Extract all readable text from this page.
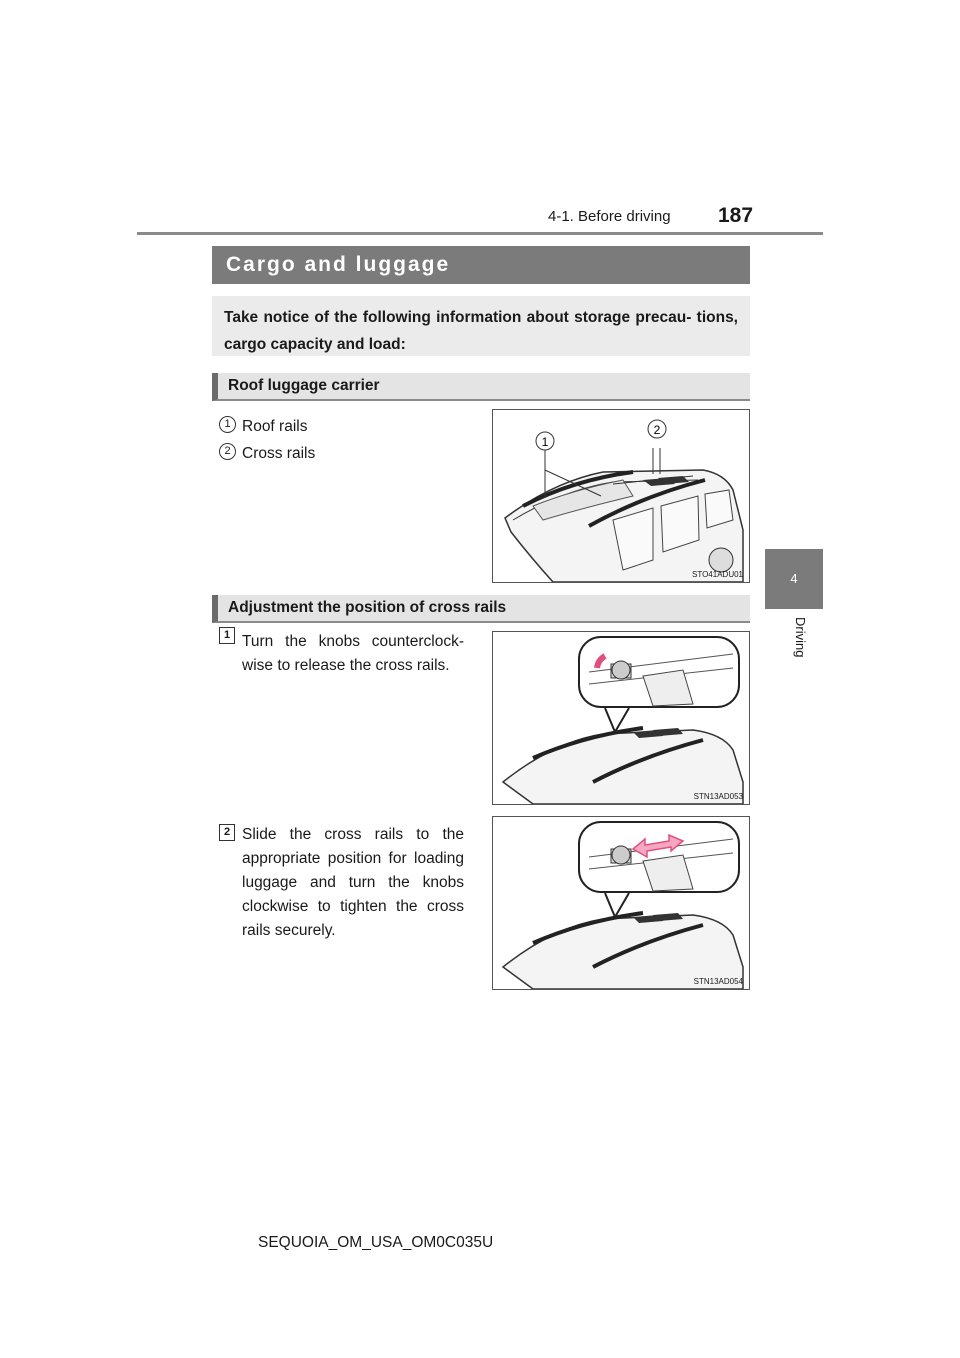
187
4-1. Before driving
4
Driving
Cargo and luggage
Take notice of the following information about storage precau- tions, cargo capacity and load:
Roof luggage carrier
1 Roof rails
2 Cross rails
1
2
STO41ADU01
Adjustment the position of cross rails
1 Turn the knobs counterclock- wise to release the cross rails.
STN13AD053
2 Slide the cross rails to the appropriate position for loading luggage and turn the knobs clockwise to tighten the cross rails securely.
STN13AD054
SEQUOIA_OM_USA_OM0C035U
